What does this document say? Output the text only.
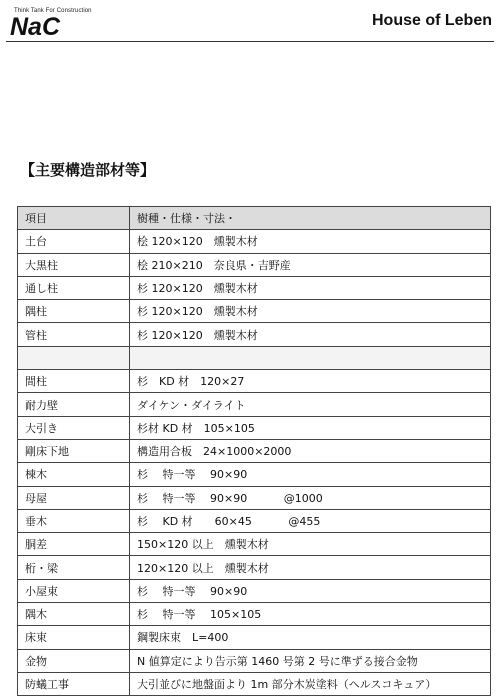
Think Tank For Construction
NaC	House of Leben
【主要構造部材等】
項目	樹種・仕様・寸法・
土台	桧 120×120　燻製木材
大黒柱	桧 210×210　奈良県・吉野産
通し柱	杉 120×120　燻製木材
隅柱	杉 120×120　燻製木材
管柱	杉 120×120　燻製木材

間柱	杉　KD 材　120×27
耐力壁	ダイケン・ダイライト
大引き	杉材 KD 材　105×105
剛床下地	構造用合板　24×1000×2000
棟木	杉　 特一等　 90×90
母屋	杉　 特一等　 90×90　　　 @1000
垂木	杉　 KD 材　　60×45　　　 @455
胴差	150×120 以上　燻製木材
桁・梁	120×120 以上　燻製木材
小屋束	杉　 特一等　 90×90
隅木	杉　 特一等　 105×105
床束	鋼製床束　L=400
金物	N 値算定により告示第 1460 号第 2 号に準ずる接合金物
防蟻工事	大引並びに地盤面より 1m 部分木炭塗料（ヘルスコキュア）
